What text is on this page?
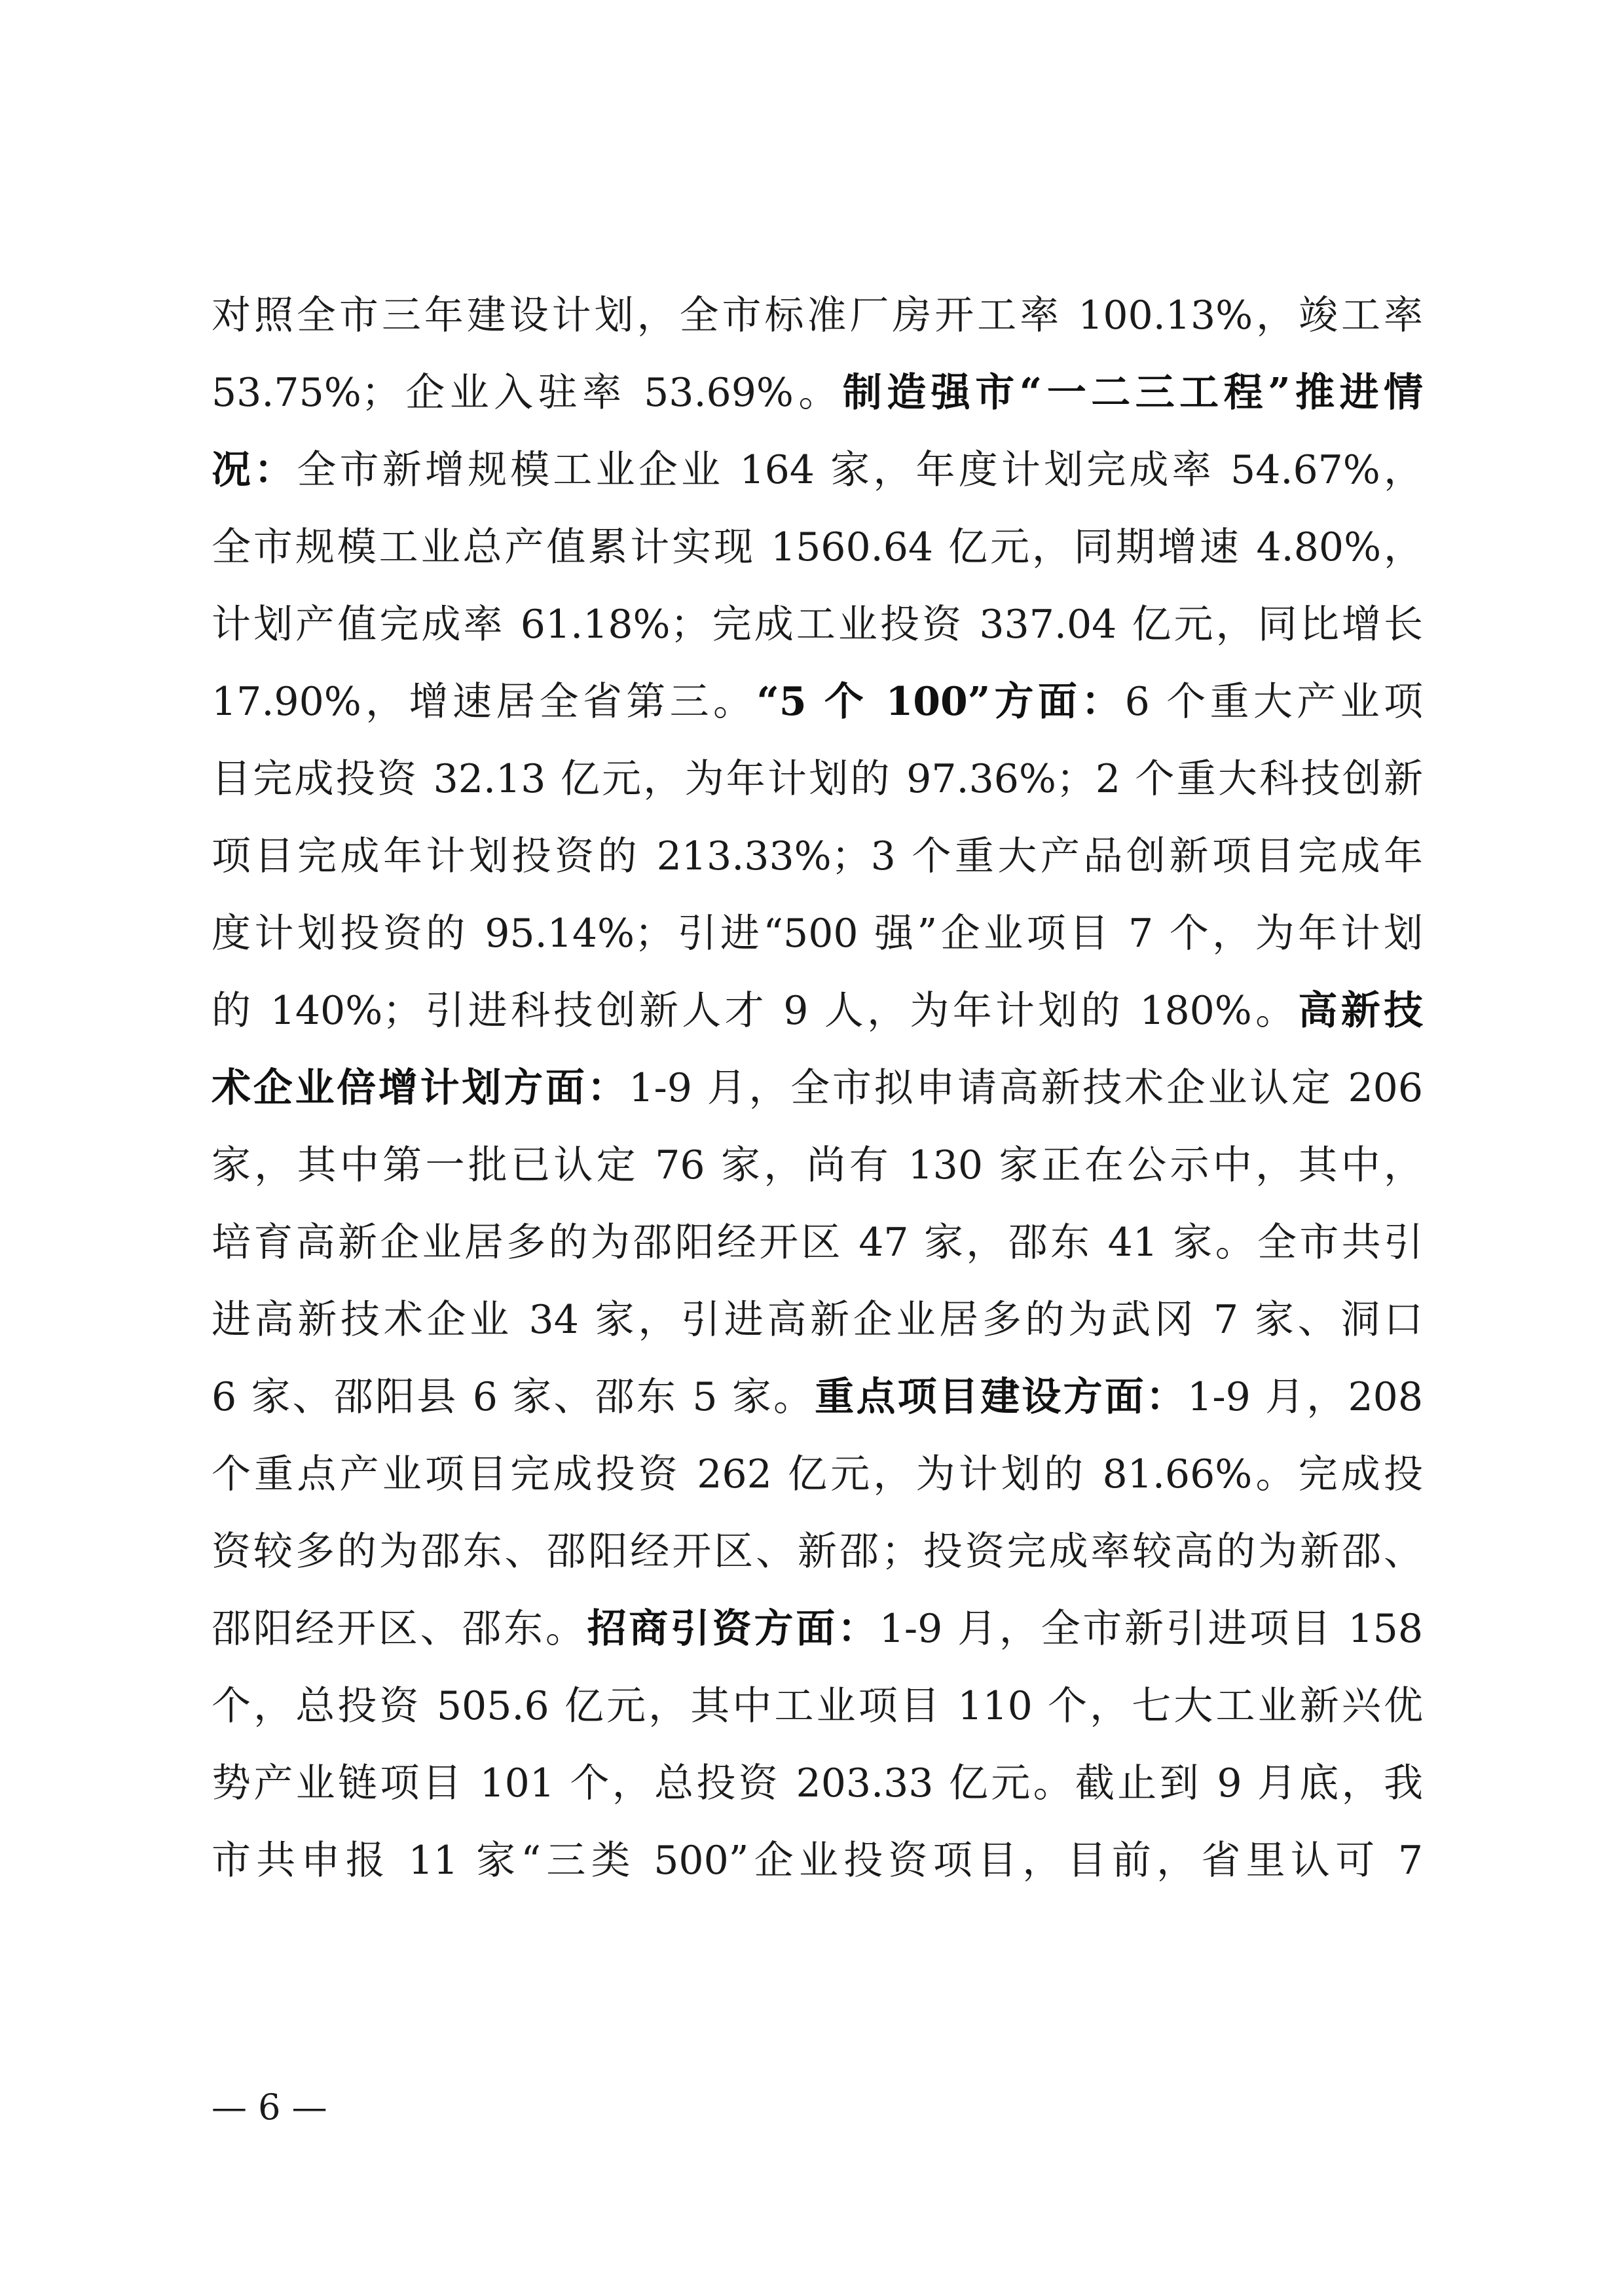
对照全市三年建设计划，全市标准厂房开工率 100.13%，竣工率
53.75%；企业入驻率 53.69%。制造强市“一二三工程”推进情
况：全市新增规模工业企业 164 家，年度计划完成率 54.67%，
全市规模工业总产值累计实现 1560.64 亿元，同期增速 4.80%，
计划产值完成率 61.18%；完成工业投资 337.04 亿元，同比增长
17.90%，增速居全省第三。“5 个 100”方面：6 个重大产业项
目完成投资 32.13 亿元，为年计划的 97.36%；2 个重大科技创新
项目完成年计划投资的 213.33%；3 个重大产品创新项目完成年
度计划投资的 95.14%；引进“500 强”企业项目 7 个，为年计划
的 140%；引进科技创新人才 9 人，为年计划的 180%。高新技
术企业倍增计划方面：1-9 月，全市拟申请高新技术企业认定 206
家，其中第一批已认定 76 家，尚有 130 家正在公示中，其中，
培育高新企业居多的为邵阳经开区 47 家，邵东 41 家。全市共引
进高新技术企业 34 家，引进高新企业居多的为武冈 7 家、洞口
6 家、邵阳县 6 家、邵东 5 家。重点项目建设方面：1-9 月，208
个重点产业项目完成投资 262 亿元，为计划的 81.66%。完成投
资较多的为邵东、邵阳经开区、新邵；投资完成率较高的为新邵、
邵阳经开区、邵东。招商引资方面：1-9 月，全市新引进项目 158
个，总投资 505.6 亿元，其中工业项目 110 个，七大工业新兴优
势产业链项目 101 个，总投资 203.33 亿元。截止到 9 月底，我
市共申报 11 家“三类 500”企业投资项目，目前，省里认可 7
— 6 —
